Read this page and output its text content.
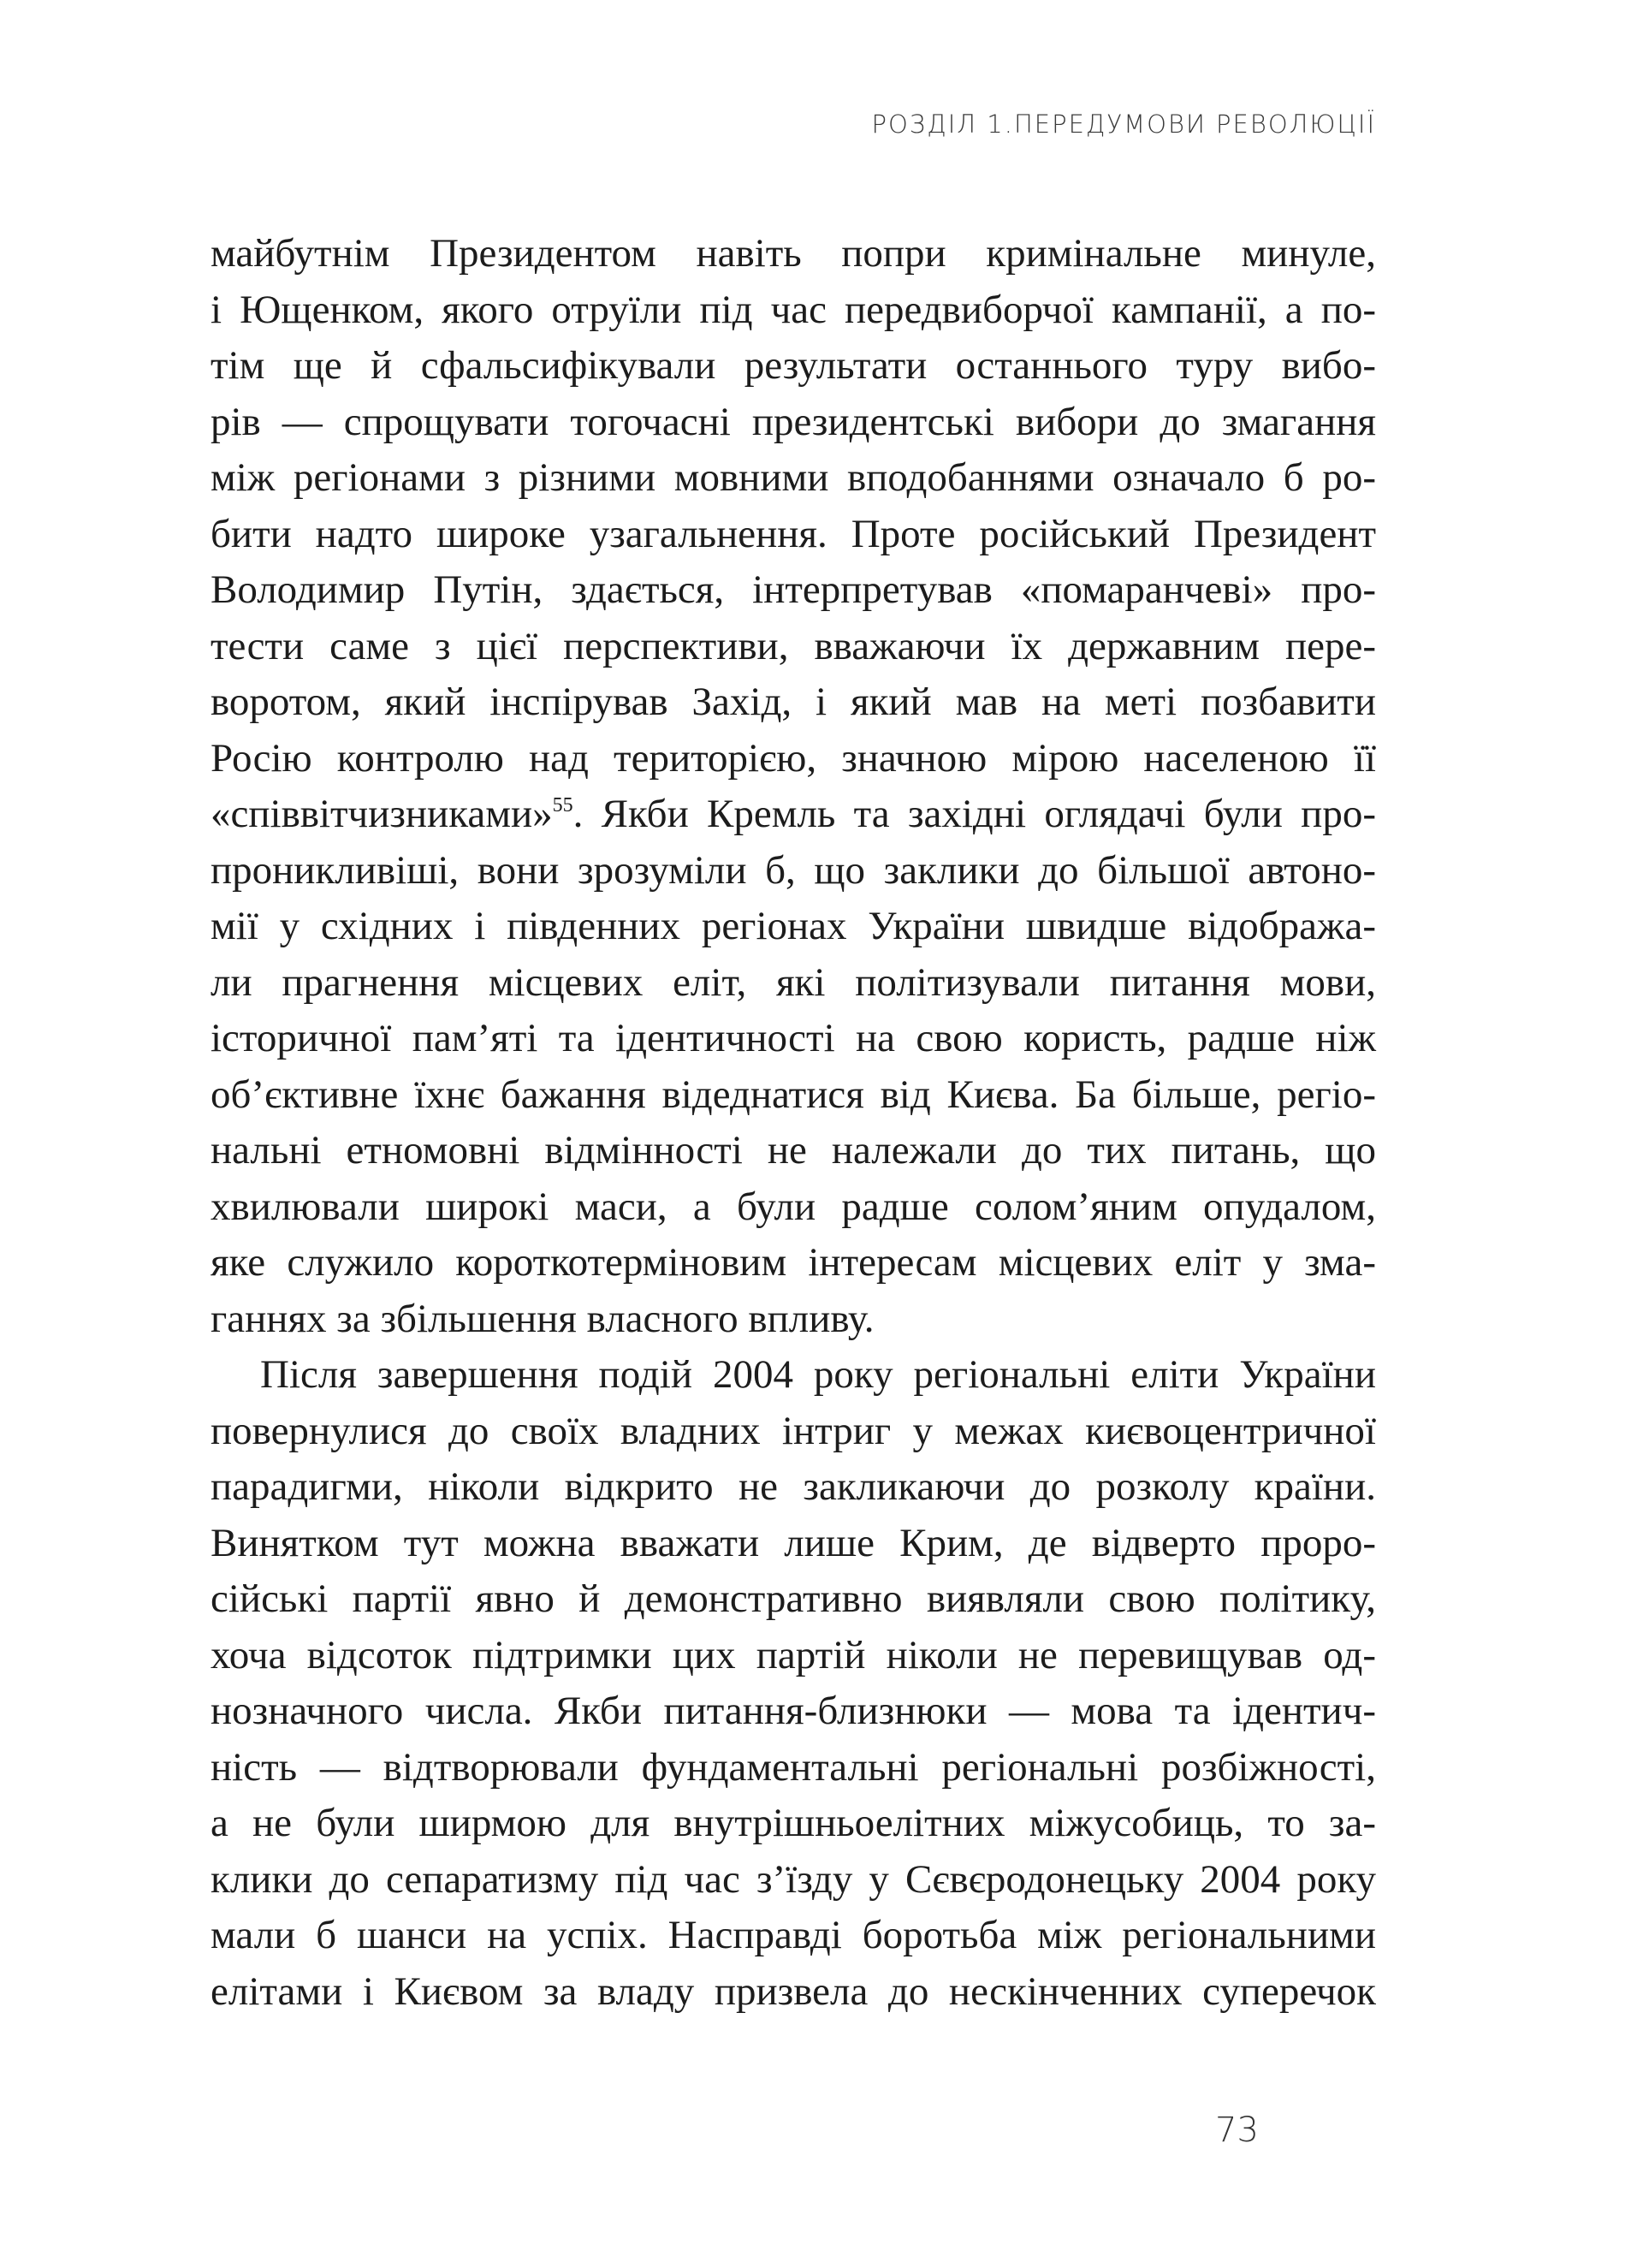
РОЗДІЛ 1.ПЕРЕДУМОВИ РЕВОЛЮЦІЇ
майбутнім Президентом навіть попри кримінальне минуле,
і Ющенком, якого отруїли під час передвиборчої кампанії, а по-
тім ще й сфальсифікували результати останнього туру вибо-
рів — спрощувати тогочасні президентські вибори до змагання
між регіонами з різними мовними вподобаннями означало б ро-
бити надто широке узагальнення. Проте російський Президент
Володимир Путін, здається, інтерпретував «помаранчеві» про-
тести саме з цієї перспективи, вважаючи їх державним пере-
воротом, який інспірував Захід, і який мав на меті позбавити
Росію контролю над територією, значною мірою населеною її
«співвітчизниками»$^{55}$. Якби Кремль та західні оглядачі були про-
проникливіші, вони зрозуміли б, що заклики до більшої автоно-
мії у східних і південних регіонах України швидше відобража-
ли прагнення місцевих еліт, які політизували питання мови,
історичної пам’яті та ідентичності на свою користь, радше ніж
об’єктивне їхнє бажання відеднатися від Києва. Ба більше, регіо-
нальні етномовні відмінності не належали до тих питань, що
хвилювали широкі маси, а були радше солом’яним опудалом,
яке служило короткотерміновим інтересам місцевих еліт у зма-
ганнях за збільшення власного впливу.
Після завершення подій 2004 року регіональні еліти України
повернулися до своїх владних інтриг у межах києвоцентричної
парадигми, ніколи відкрито не закликаючи до розколу країни.
Винятком тут можна вважати лише Крим, де відверто проро-
сійські партії явно й демонстративно виявляли свою політику,
хоча відсоток підтримки цих партій ніколи не перевищував од-
нозначного числа. Якби питання-близнюки — мова та ідентич-
ність — відтворювали фундаментальні регіональні розбіжності,
а не були ширмою для внутрішньоелітних міжусобиць, то за-
клики до сепаратизму під час з’їзду у Сєвєродонецьку 2004 року
мали б шанси на успіх. Насправді боротьба між регіональними
елітами і Києвом за владу призвела до нескінченних суперечок
73
